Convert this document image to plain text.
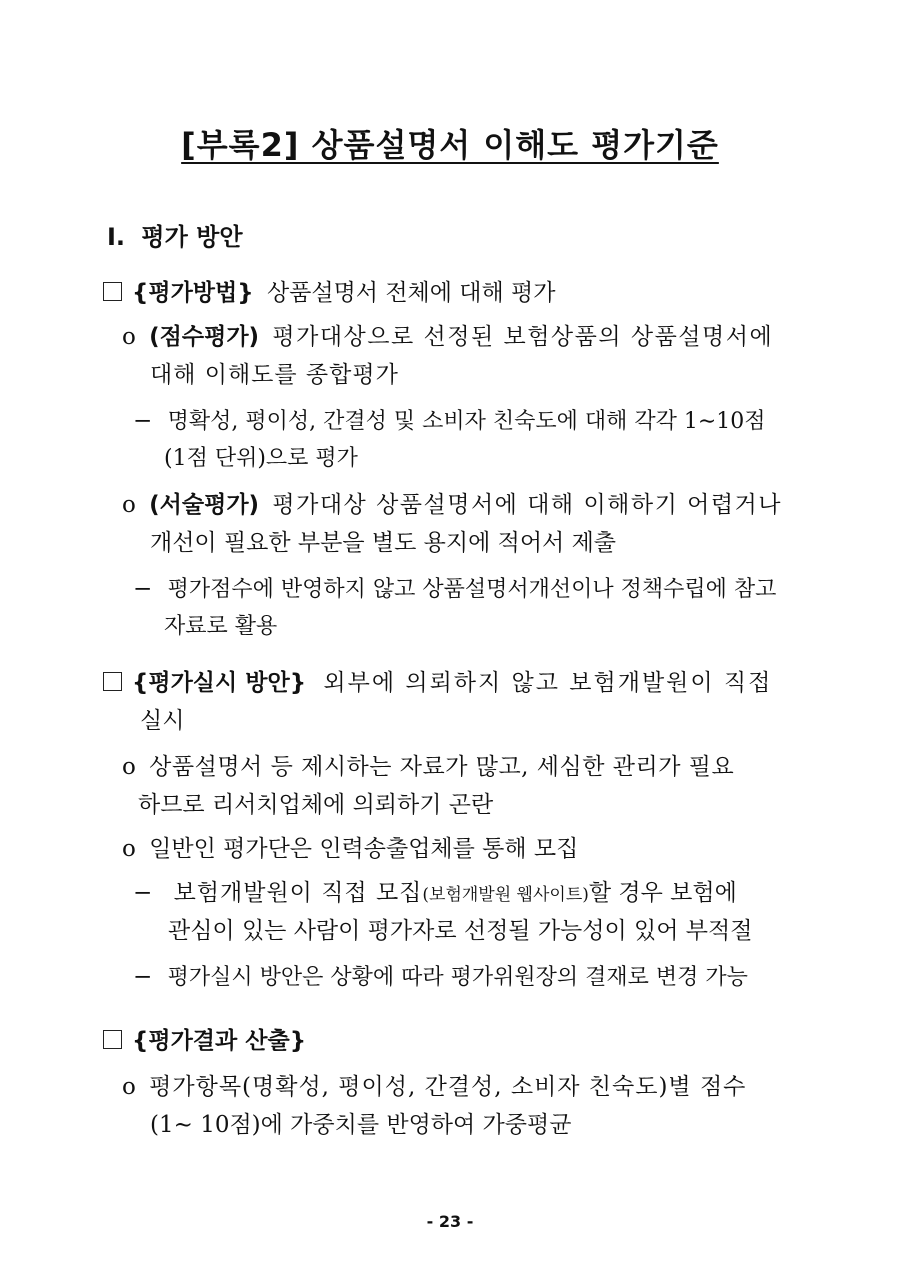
[부록2] 상품설명서 이해도 평가기준
Ⅰ. 평가 방안
{평가방법} 상품설명서 전체에 대해 평가
o (점수평가) 평가대상으로 선정된 보험상품의 상품설명서에
대해 이해도를 종합평가
− 명확성, 평이성, 간결성 및 소비자 친숙도에 대해 각각 1∼10점
(1점 단위)으로 평가
o (서술평가) 평가대상 상품설명서에 대해 이해하기 어렵거나
개선이 필요한 부분을 별도 용지에 적어서 제출
− 평가점수에 반영하지 않고 상품설명서개선이나 정책수립에 참고
자료로 활용
{평가실시 방안} 외부에 의뢰하지 않고 보험개발원이 직접
실시
o 상품설명서 등 제시하는 자료가 많고, 세심한 관리가 필요
하므로 리서치업체에 의뢰하기 곤란
o 일반인 평가단은 인력송출업체를 통해 모집
− 보험개발원이 직접 모집(보험개발원 웹사이트)할 경우 보험에
관심이 있는 사람이 평가자로 선정될 가능성이 있어 부적절
− 평가실시 방안은 상황에 따라 평가위원장의 결재로 변경 가능
{평가결과 산출}
o 평가항목(명확성, 평이성, 간결성, 소비자 친숙도)별 점수
(1∼ 10점)에 가중치를 반영하여 가중평균
- 23 -
